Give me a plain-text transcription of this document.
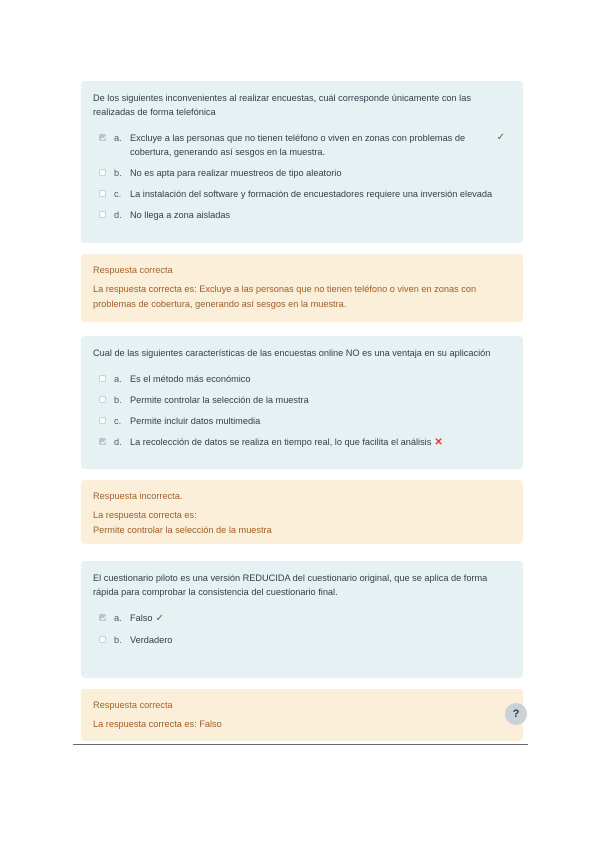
De los siguientes inconvenientes al realizar encuestas, cuál corresponde únicamente con las realizadas de forma telefónica
a. Excluye a las personas que no tienen teléfono o viven en zonas con problemas de cobertura, generando así sesgos en la muestra.
✓
b. No es apta para realizar muestreos de tipo aleatorio
c. La instalación del software y formación de encuestadores requiere una inversión elevada
d. No llega a zona aisladas
Respuesta correcta
La respuesta correcta es: Excluye a las personas que no tienen teléfono o viven en zonas con problemas de cobertura, generando así sesgos en la muestra.
Cual de las siguientes características de las encuestas online NO es una ventaja en su aplicación
a. Es el método más económico
b. Permite controlar la selección de la muestra
c. Permite incluir datos multimedia
d. La recolección de datos se realiza en tiempo real, lo que facilita el análisis ✕
Respuesta incorrecta.
La respuesta correcta es:
Permite controlar la selección de la muestra
El cuestionario piloto es una versión REDUCIDA del cuestionario original, que se aplica de forma rápida para comprobar la consistencia del cuestionario final.
a. Falso ✓
b. Verdadero
Respuesta correcta
La respuesta correcta es: Falso
?
